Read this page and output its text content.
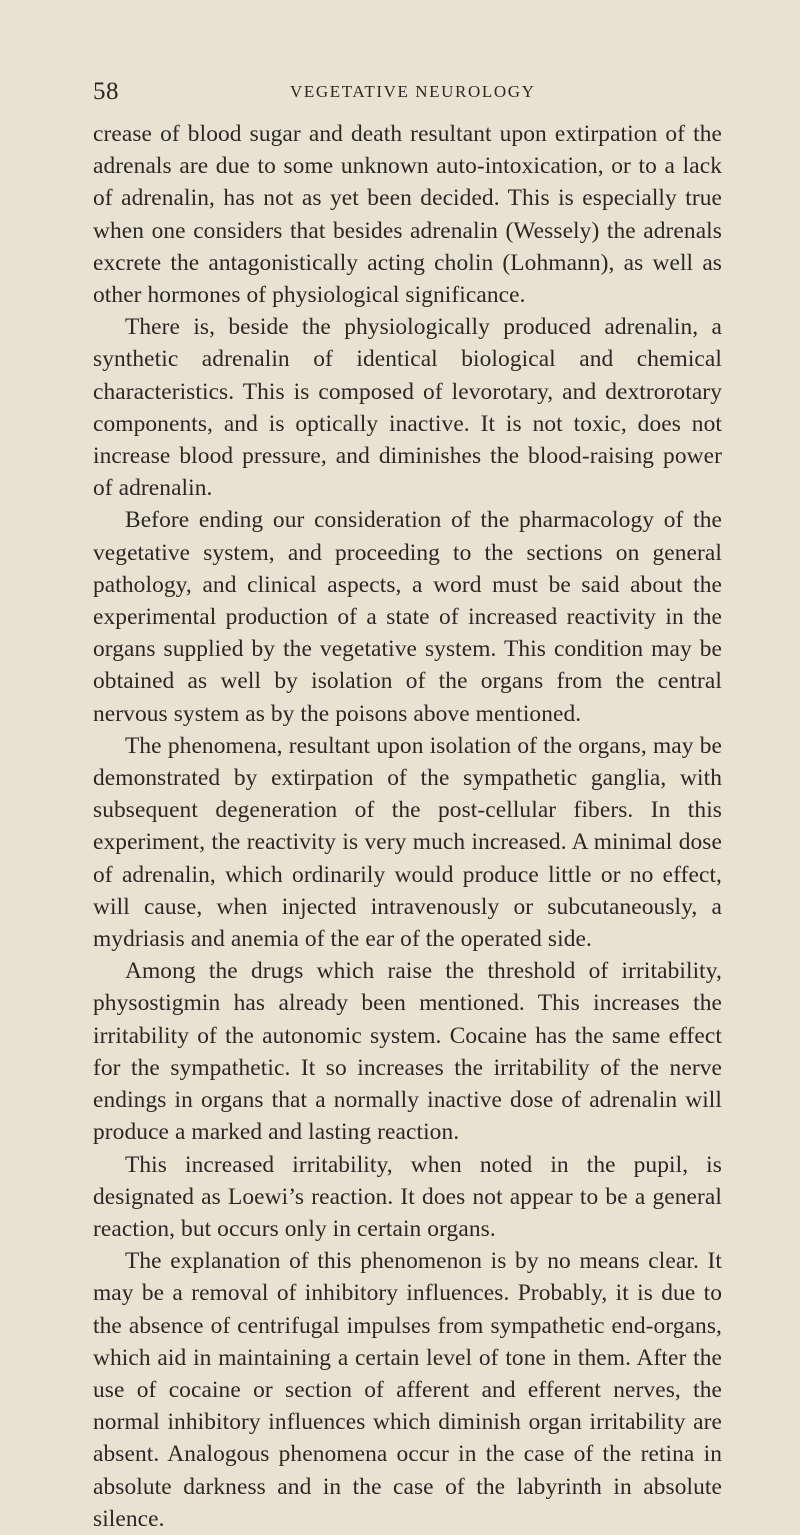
58	VEGETATIVE NEUROLOGY

crease of blood sugar and death resultant upon extirpation of the adrenals are due to some unknown auto-intoxication, or to a lack of adrenalin, has not as yet been decided. This is especially true when one considers that besides adrenalin (Wessely) the adrenals excrete the antagonistically acting cholin (Lohmann), as well as other hormones of physiological significance.

There is, beside the physiologically produced adrenalin, a synthetic adrenalin of identical biological and chemical characteristics. This is composed of levorotary, and dextrorotary components, and is optically inactive. It is not toxic, does not increase blood pressure, and diminishes the blood-raising power of adrenalin.

Before ending our consideration of the pharmacology of the vegetative system, and proceeding to the sections on general pathology, and clinical aspects, a word must be said about the experimental production of a state of increased reactivity in the organs supplied by the vegetative system. This condition may be obtained as well by isolation of the organs from the central nervous system as by the poisons above mentioned.

The phenomena, resultant upon isolation of the organs, may be demonstrated by extirpation of the sympathetic ganglia, with subsequent degeneration of the post-cellular fibers. In this experiment, the reactivity is very much increased. A minimal dose of adrenalin, which ordinarily would produce little or no effect, will cause, when injected intravenously or subcutaneously, a mydriasis and anemia of the ear of the operated side.

Among the drugs which raise the threshold of irritability, physostigmin has already been mentioned. This increases the irritability of the autonomic system. Cocaine has the same effect for the sympathetic. It so increases the irritability of the nerve endings in organs that a normally inactive dose of adrenalin will produce a marked and lasting reaction.

This increased irritability, when noted in the pupil, is designated as Loewi’s reaction. It does not appear to be a general reaction, but occurs only in certain organs.

The explanation of this phenomenon is by no means clear. It may be a removal of inhibitory influences. Probably, it is due to the absence of centrifugal impulses from sympathetic end-organs, which aid in maintaining a certain level of tone in them. After the use of cocaine or section of afferent and efferent nerves, the normal inhibitory influences which diminish organ irritability are absent. Analogous phenomena occur in the case of the retina in absolute darkness and in the case of the labyrinth in absolute silence.
